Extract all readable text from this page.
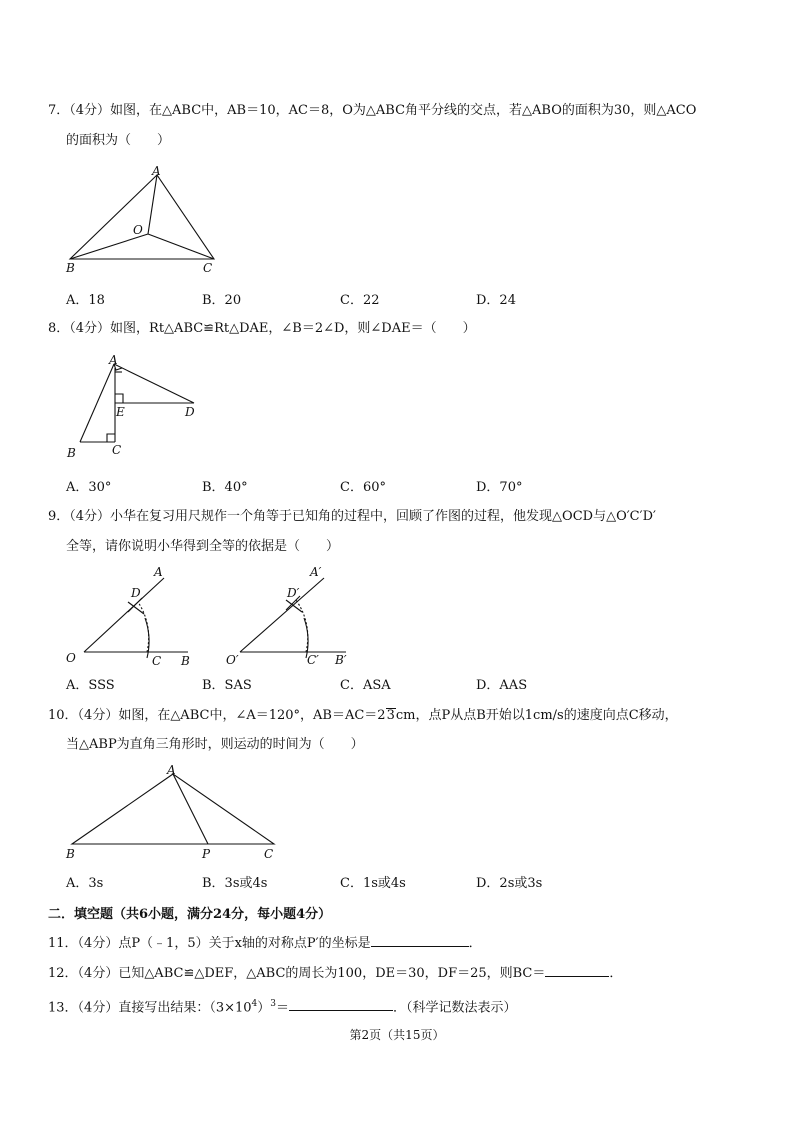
7．（4分）如图，在△ABC中，AB＝10，AC＝8，O为△ABC角平分线的交点，若△ABO的面积为30，则△ACO
的面积为（　　）
A
O
B	C
A．18	B．20	C．22	D．24
8．（4分）如图，Rt△ABC≌Rt△DAE，∠B＝2∠D，则∠DAE＝（　　）
A
E	D
B	C
A．30°	B．40°	C．60°	D．70°
9．（4分）小华在复习用尺规作一个角等于已知角的过程中，回顾了作图的过程，他发现△OCD与△O′C′D′
全等，请你说明小华得到全等的依据是（　　）
A
D
O	C B
A′
D′
O′	C′ B′
A．SSS	B．SAS	C．ASA	D．AAS
10．（4分）如图，在△ABC中，∠A＝120°，AB＝AC＝23cm，点P从点B开始以1cm/s的速度向点C移动，
当△ABP为直角三角形时，则运动的时间为（　　）
A
B	P	C
A．3s	B．3s或4s	C．1s或4s	D．2s或3s
二．填空题（共6小题，满分24分，每小题4分）
11．（4分）点P（﹣1，5）关于x轴的对称点P′的坐标是	．
12．（4分）已知△ABC≌△DEF，△ABC的周长为100，DE＝30，DF＝25，则BC＝	．
13．（4分）直接写出结果：$(3\times 10^4)^3=$	．（科学记数法表示）
第2页（共15页）
